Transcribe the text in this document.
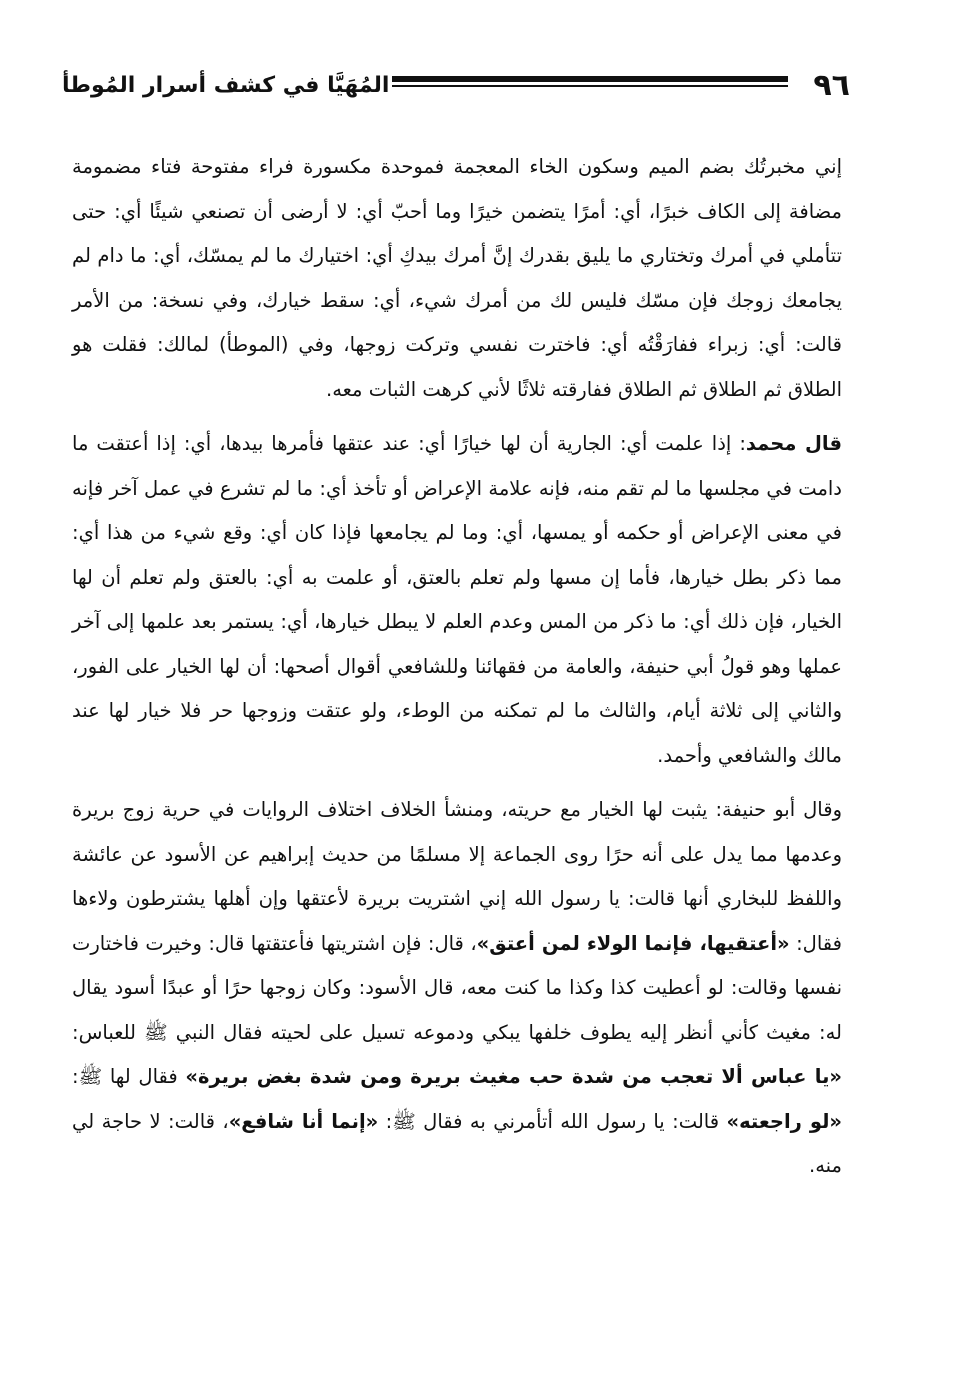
٩٦
المُهَيَّا في كشف أسرار المُوطأ

إني مخبرتُك بضم الميم وسكون الخاء المعجمة فموحدة مكسورة فراء مفتوحة فتاء مضمومة مضافة إلى الكاف خبرًا، أي: أمرًا يتضمن خيرًا وما أحبّ أي: لا أرضى أن تصنعي شيئًا أي: حتى تتأملي في أمرك وتختاري ما يليق بقدرك إنَّ أمرك بيدكِ أي: اختيارك ما لم يمسّك، أي: ما دام لم يجامعك زوجك فإن مسّك فليس لك من أمرك شيء، أي: سقط خيارك، وفي نسخة: من الأمر قالت: أي: زبراء ففارَقْتُه أي: فاخترت نفسي وتركت زوجها، وفي (الموطأ) لمالك: فقلت هو الطلاق ثم الطلاق ثم الطلاق ففارقته ثلاثًا لأني كرهت الثبات معه.

قال محمد: إذا علمت أي: الجارية أن لها خيارًا أي: عند عتقها فأمرها بيدها، أي: إذا أعتقت ما دامت في مجلسها ما لم تقم منه، فإنه علامة الإعراض أو تأخذ أي: ما لم تشرع في عمل آخر فإنه في معنى الإعراض أو حكمه أو يمسها، أي: وما لم يجامعها فإذا كان أي: وقع شيء من هذا أي: مما ذكر بطل خيارها، فأما إن مسها ولم تعلم بالعتق، أو علمت به أي: بالعتق ولم تعلم أن لها الخيار، فإن ذلك أي: ما ذكر من المس وعدم العلم لا يبطل خيارها، أي: يستمر بعد علمها إلى آخر عملها وهو قولُ أبي حنيفة، والعامة من فقهائنا وللشافعي أقوال أصحها: أن لها الخيار على الفور، والثاني إلى ثلاثة أيام، والثالث ما لم تمكنه من الوطء، ولو عتقت وزوجها حر فلا خيار لها عند مالك والشافعي وأحمد.

وقال أبو حنيفة: يثبت لها الخيار مع حريته، ومنشأ الخلاف اختلاف الروايات في حرية زوج بريرة وعدمها مما يدل على أنه حرًا روى الجماعة إلا مسلمًا من حديث إبراهيم عن الأسود عن عائشة واللفظ للبخاري أنها قالت: يا رسول الله إني اشتريت بريرة لأعتقها وإن أهلها يشترطون ولاءها فقال: «أعتقيها، فإنما الولاء لمن أعتق»، قال: فإن اشتريتها فأعتقتها قال: وخيرت فاختارت نفسها وقالت: لو أعطيت كذا وكذا ما كنت معه، قال الأسود: وكان زوجها حرًا أو عبدًا أسود يقال له: مغيث كأني أنظر إليه يطوف خلفها يبكي ودموعه تسيل على لحيته فقال النبي ﷺ للعباس: «يا عباس ألا تعجب من شدة حب مغيث بريرة ومن شدة بغض بريرة» فقال لها ﷺ: «لو راجعته» قالت: يا رسول الله أتأمرني به فقال ﷺ: «إنما أنا شافع»، قالت: لا حاجة لي منه.
